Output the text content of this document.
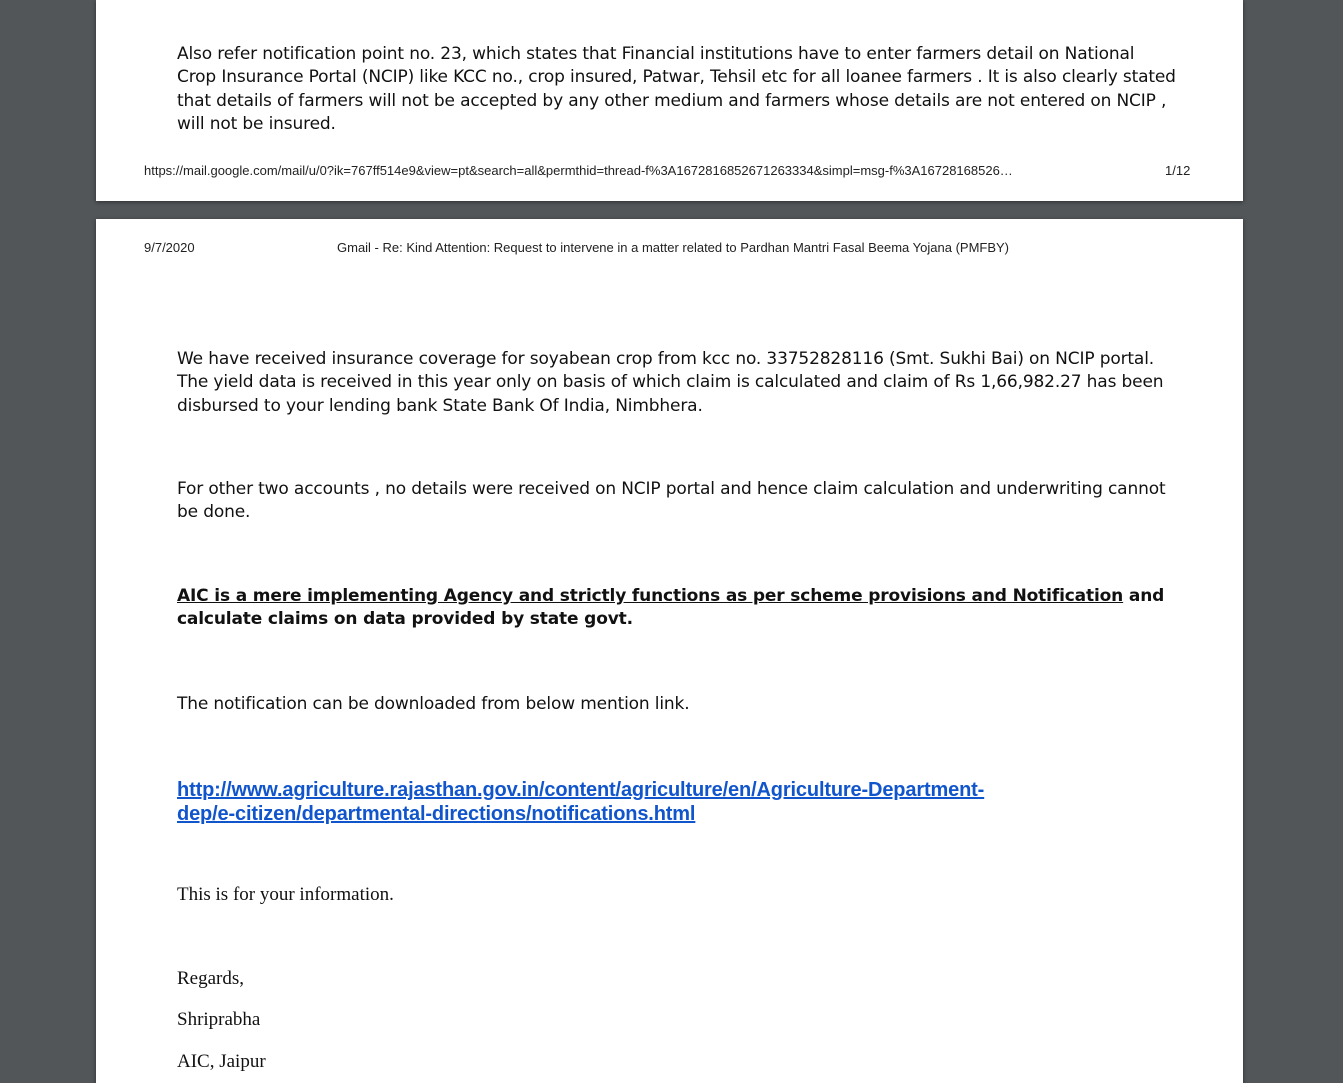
Also refer notification point no. 23, which states that Financial institutions have to enter farmers detail on National Crop Insurance Portal (NCIP) like KCC no., crop insured, Patwar, Tehsil etc for all loanee farmers . It is also clearly stated that details of farmers will not be accepted by any other medium and farmers whose details are not entered on NCIP , will not be insured.

https://mail.google.com/mail/u/0?ik=767ff514e9&view=pt&search=all&permthid=thread-f%3A1672816852671263334&simpl=msg-f%3A16728168526…	1/12

9/7/2020	Gmail - Re: Kind Attention: Request to intervene in a matter related to Pardhan Mantri Fasal Beema Yojana (PMFBY)

We have received insurance coverage for soyabean crop from kcc no. 33752828116 (Smt. Sukhi Bai) on NCIP portal. The yield data is received in this year only on basis of which claim is calculated and claim of Rs 1,66,982.27 has been disbursed to your lending bank State Bank Of India, Nimbhera.

For other two accounts , no details were received on NCIP portal and hence claim calculation and underwriting cannot be done.

AIC is a mere implementing Agency and strictly functions as per scheme provisions and Notification and calculate claims on data provided by state govt.

The notification can be downloaded from below mention link.

http://www.agriculture.rajasthan.gov.in/content/agriculture/en/Agriculture-Department-
dep/e-citizen/departmental-directions/notifications.html

This is for your information.

Regards,

Shriprabha

AIC, Jaipur
